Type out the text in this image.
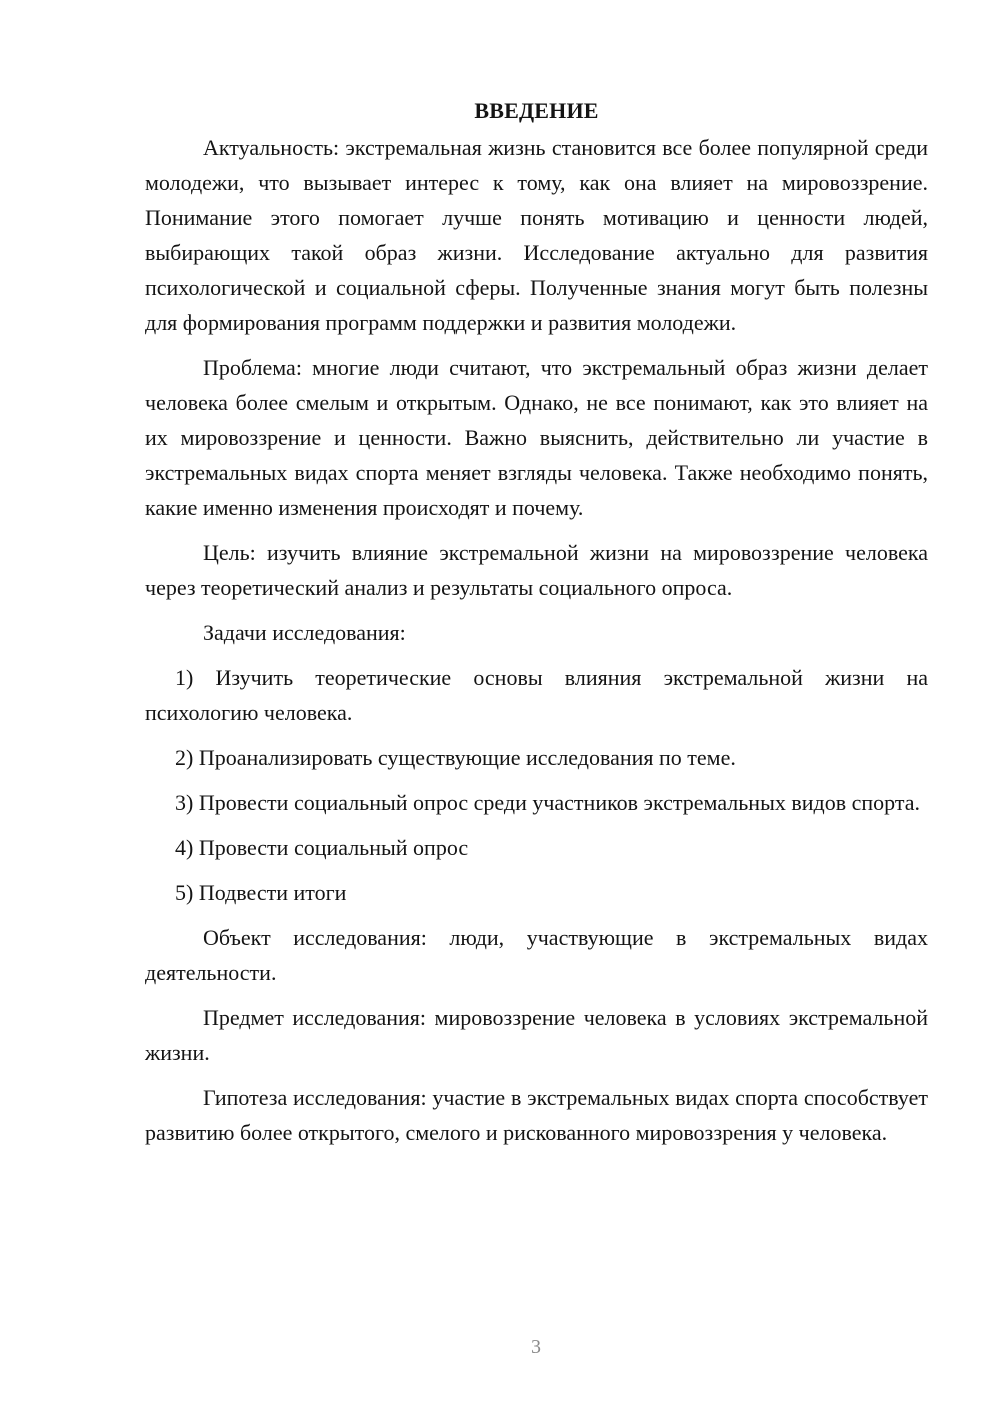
ВВЕДЕНИЕ

Актуальность: экстремальная жизнь становится все более популярной среди молодежи, что вызывает интерес к тому, как она влияет на мировоззрение. Понимание этого помогает лучше понять мотивацию и ценности людей, выбирающих такой образ жизни. Исследование актуально для развития психологической и социальной сферы. Полученные знания могут быть полезны для формирования программ поддержки и развития молодежи.

Проблема: многие люди считают, что экстремальный образ жизни делает человека более смелым и открытым. Однако, не все понимают, как это влияет на их мировоззрение и ценности. Важно выяснить, действительно ли участие в экстремальных видах спорта меняет взгляды человека. Также необходимо понять, какие именно изменения происходят и почему.

Цель: изучить влияние экстремальной жизни на мировоззрение человека через теоретический анализ и результаты социального опроса.

Задачи исследования:

1) Изучить теоретические основы влияния экстремальной жизни на психологию человека.

2) Проанализировать существующие исследования по теме.

3) Провести социальный опрос среди участников экстремальных видов спорта.

4) Провести социальный опрос

5) Подвести итоги

Объект исследования: люди, участвующие в экстремальных видах деятельности.

Предмет исследования: мировоззрение человека в условиях экстремальной жизни.

Гипотеза исследования: участие в экстремальных видах спорта способствует развитию более открытого, смелого и рискованного мировоззрения у человека.

3
